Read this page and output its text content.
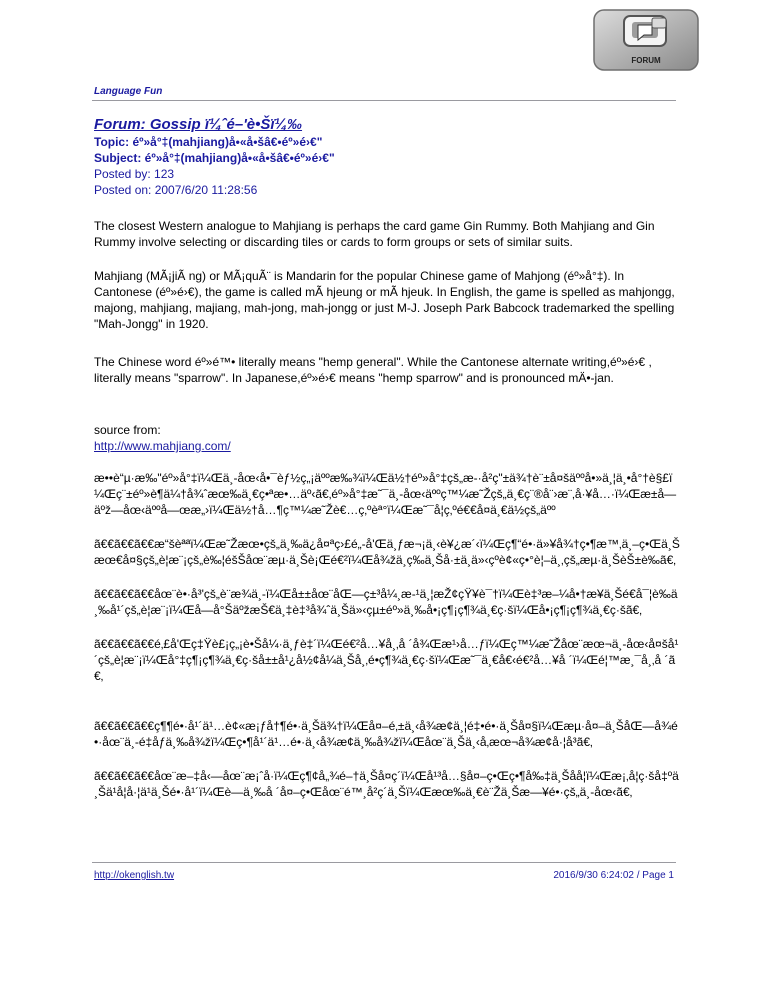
FORUM
Language Fun
Forum: Gossip ï¼ˆé–'è•Šï¼‰
Topic: éº»å°‡(mahjiang)å•«å•šâ€•éº»é›€"
Subject: éº»å°‡(mahjiang)å•«å•šâ€•éº»é›€"
Posted by: 123
Posted on: 2007/6/20 11:28:56

The closest Western analogue to Mahjiang is perhaps the card game Gin Rummy. Both Mahjiang and Gin Rummy involve selecting or discarding tiles or cards to form groups or sets of similar suits.

Mahjiang (MÃ¡jiÃ ng) or MÃ¡quÃ¨ is Mandarin for the popular Chinese game of Mahjong (éº»å°‡). In Cantonese (éº»é›€), the game is called mÃ hjeung or mÃ hjeuk. In English, the game is spelled as mahjongg, majong, mahjiang, majiang, mah-jong, mah-jongg or just M-J. Joseph Park Babcock trademarked the spelling "Mah-Jongg" in 1920.

The Chinese word éº»é™• literally means "hemp general". While the Cantonese alternate writing,éº»é›€ , literally means "sparrow". In Japanese,éº»é›€ means "hemp sparrow" and is pronounced mÄ•-jan.

source from:
http://www.mahjiang.com/

æ••è“µ·æ‰"éº»å°‡ï¼Œä¸-åœ‹å•¯èƒ½ç„¡äººæ‰¾ï¼Œä½†éº»å°‡çš„æ-·å²ç"±ä¾†è¨±å¤šäººå•»ä¸¦ä¸•å°†è§£ï¼Œç¨±éº»è¶ä¼†å¾ˆæœ‰ä¸€ç•ªæ•…äº‹ã€‚éº»å°‡æ˜¯ä¸-åœ‹äººç™¼æ˜Žçš„ä¸€ç¨®å¨›æ¨‚å·¥å…·ï¼Œæ±å—äºž—åœ‹äººå—œæ„›ï¼Œä½†å…¶ç™¼æ˜Žè€…ç‚ºèª°ï¼Œæ˜¯å¦ç‚ºé€€å¤ä¸€ä½çš„äºº

ã€€ã€€ã€€æ“šèªªï¼Œæ˜Žæœ•çš„ä¸‰ä¿å¤ªç›£é„-å'Œä¸ƒæ¬¡ä¸‹è¥¿æ´‹ï¼Œç¶“é•·ä»¥å¾†ç•¶æ™‚ä¸–ç•Œä¸Šæœ€å¤§çš„è¦æ¨¡çš„è‰¦éšŠåœ¨æµ·ä¸Šè¡Œé€²ï¼Œå¾žä¸ç‰ä¸Šå·±ä¸ä»‹çºè¢«ç•°è¦–ä¸‚çš„æµ·ä¸ŠèŠ±è‰ã€‚

ã€€ã€€ã€€åœ¨è•·å³'çš„è¨æ¾ä¸-ï¼Œå±±åœ¨åŒ—ç±³å¼¸æ-¹ä¸¦æŽ¢çŸ¥è¯†ï¼Œè‡³æ–¼å•†æ¥ä¸Šé€å¯¦è‰ä¸‰å¹´çš„è¦æ¨¡ï¼Œå—å°ŠäºžæŠ€ä¸‡è‡³å¾ˆä¸Šä»‹çµ±éº»ä¸‰å•¡ç¶¡ç¶¾ä¸€ç·šï¼Œå•¡ç¶¡ç¶¾ä¸€ç·šã€‚

ã€€ã€€ã€€é‚£å'Œç‡Ÿè£¡ç„¡è•Šå¼·ä¸ƒè‡´ï¼Œé€²å…¥å¸‚å ´å¾Œæ¹›å…ƒï¼Œç™¼æ˜Žåœ¨æœ¬ä¸-åœ‹å¤šå¹´çš„è¦æ¨¡ï¼Œå°‡ç¶¡ç¶¾ä¸€ç·šå±±å¹¿å½¢å¼ä¸Šå¸‚é•ç¶¾ä¸€ç·šï¼Œæ˜¯ä¸€å€‹é€²å…¥å ´ï¼Œé¦™æ¸¯å¸‚å ´ã€‚

ã€€ã€€ã€€ç¶¶é•·å¹´ä¹…è¢«æ¡ƒå†¶é•·ä¸Šä¾†ï¼Œå¤–é‚±ä¸‹å¾æ¢ä¸¦é‡•é•·ä¸Šå¤§ï¼Œæµ·å¤–ä¸ŠåŒ—å¾é•·åœ¨ä¸-é‡åƒä¸‰å¾žï¼Œç•¶å¹´ä¹…é•·ä¸‹å¾æ¢ä¸‰å¾žï¼Œåœ¨ä¸Šä¸‹å‚æœ¬å¾æ¢å·¦å³ã€‚

ã€€ã€€ã€€åœ¨æ–‡å‹—åœ¨æ¡ˆå·ï¼Œç¶¢å„¾é–†ä¸Šå¤ç´ï¼Œå¹³å…§å¤–ç•Œç•¶å‰‡ä¸Šåå¦ï¼Œæ¡‚å¦ç·šå‡ºä¸Šä¹å¦å·¦ä¹ä¸Šé•·å¹´ï¼Œè—ä¸‰å ´å¤–ç•Œåœ¨é™¸å²ç´ä¸Šï¼Œæœ‰ä¸€è¨Žä¸Šæ—¥é•·çš„ä¸-åœ‹ã€‚

http://okenglish.tw	2016/9/30 6:24:02 / Page 1
